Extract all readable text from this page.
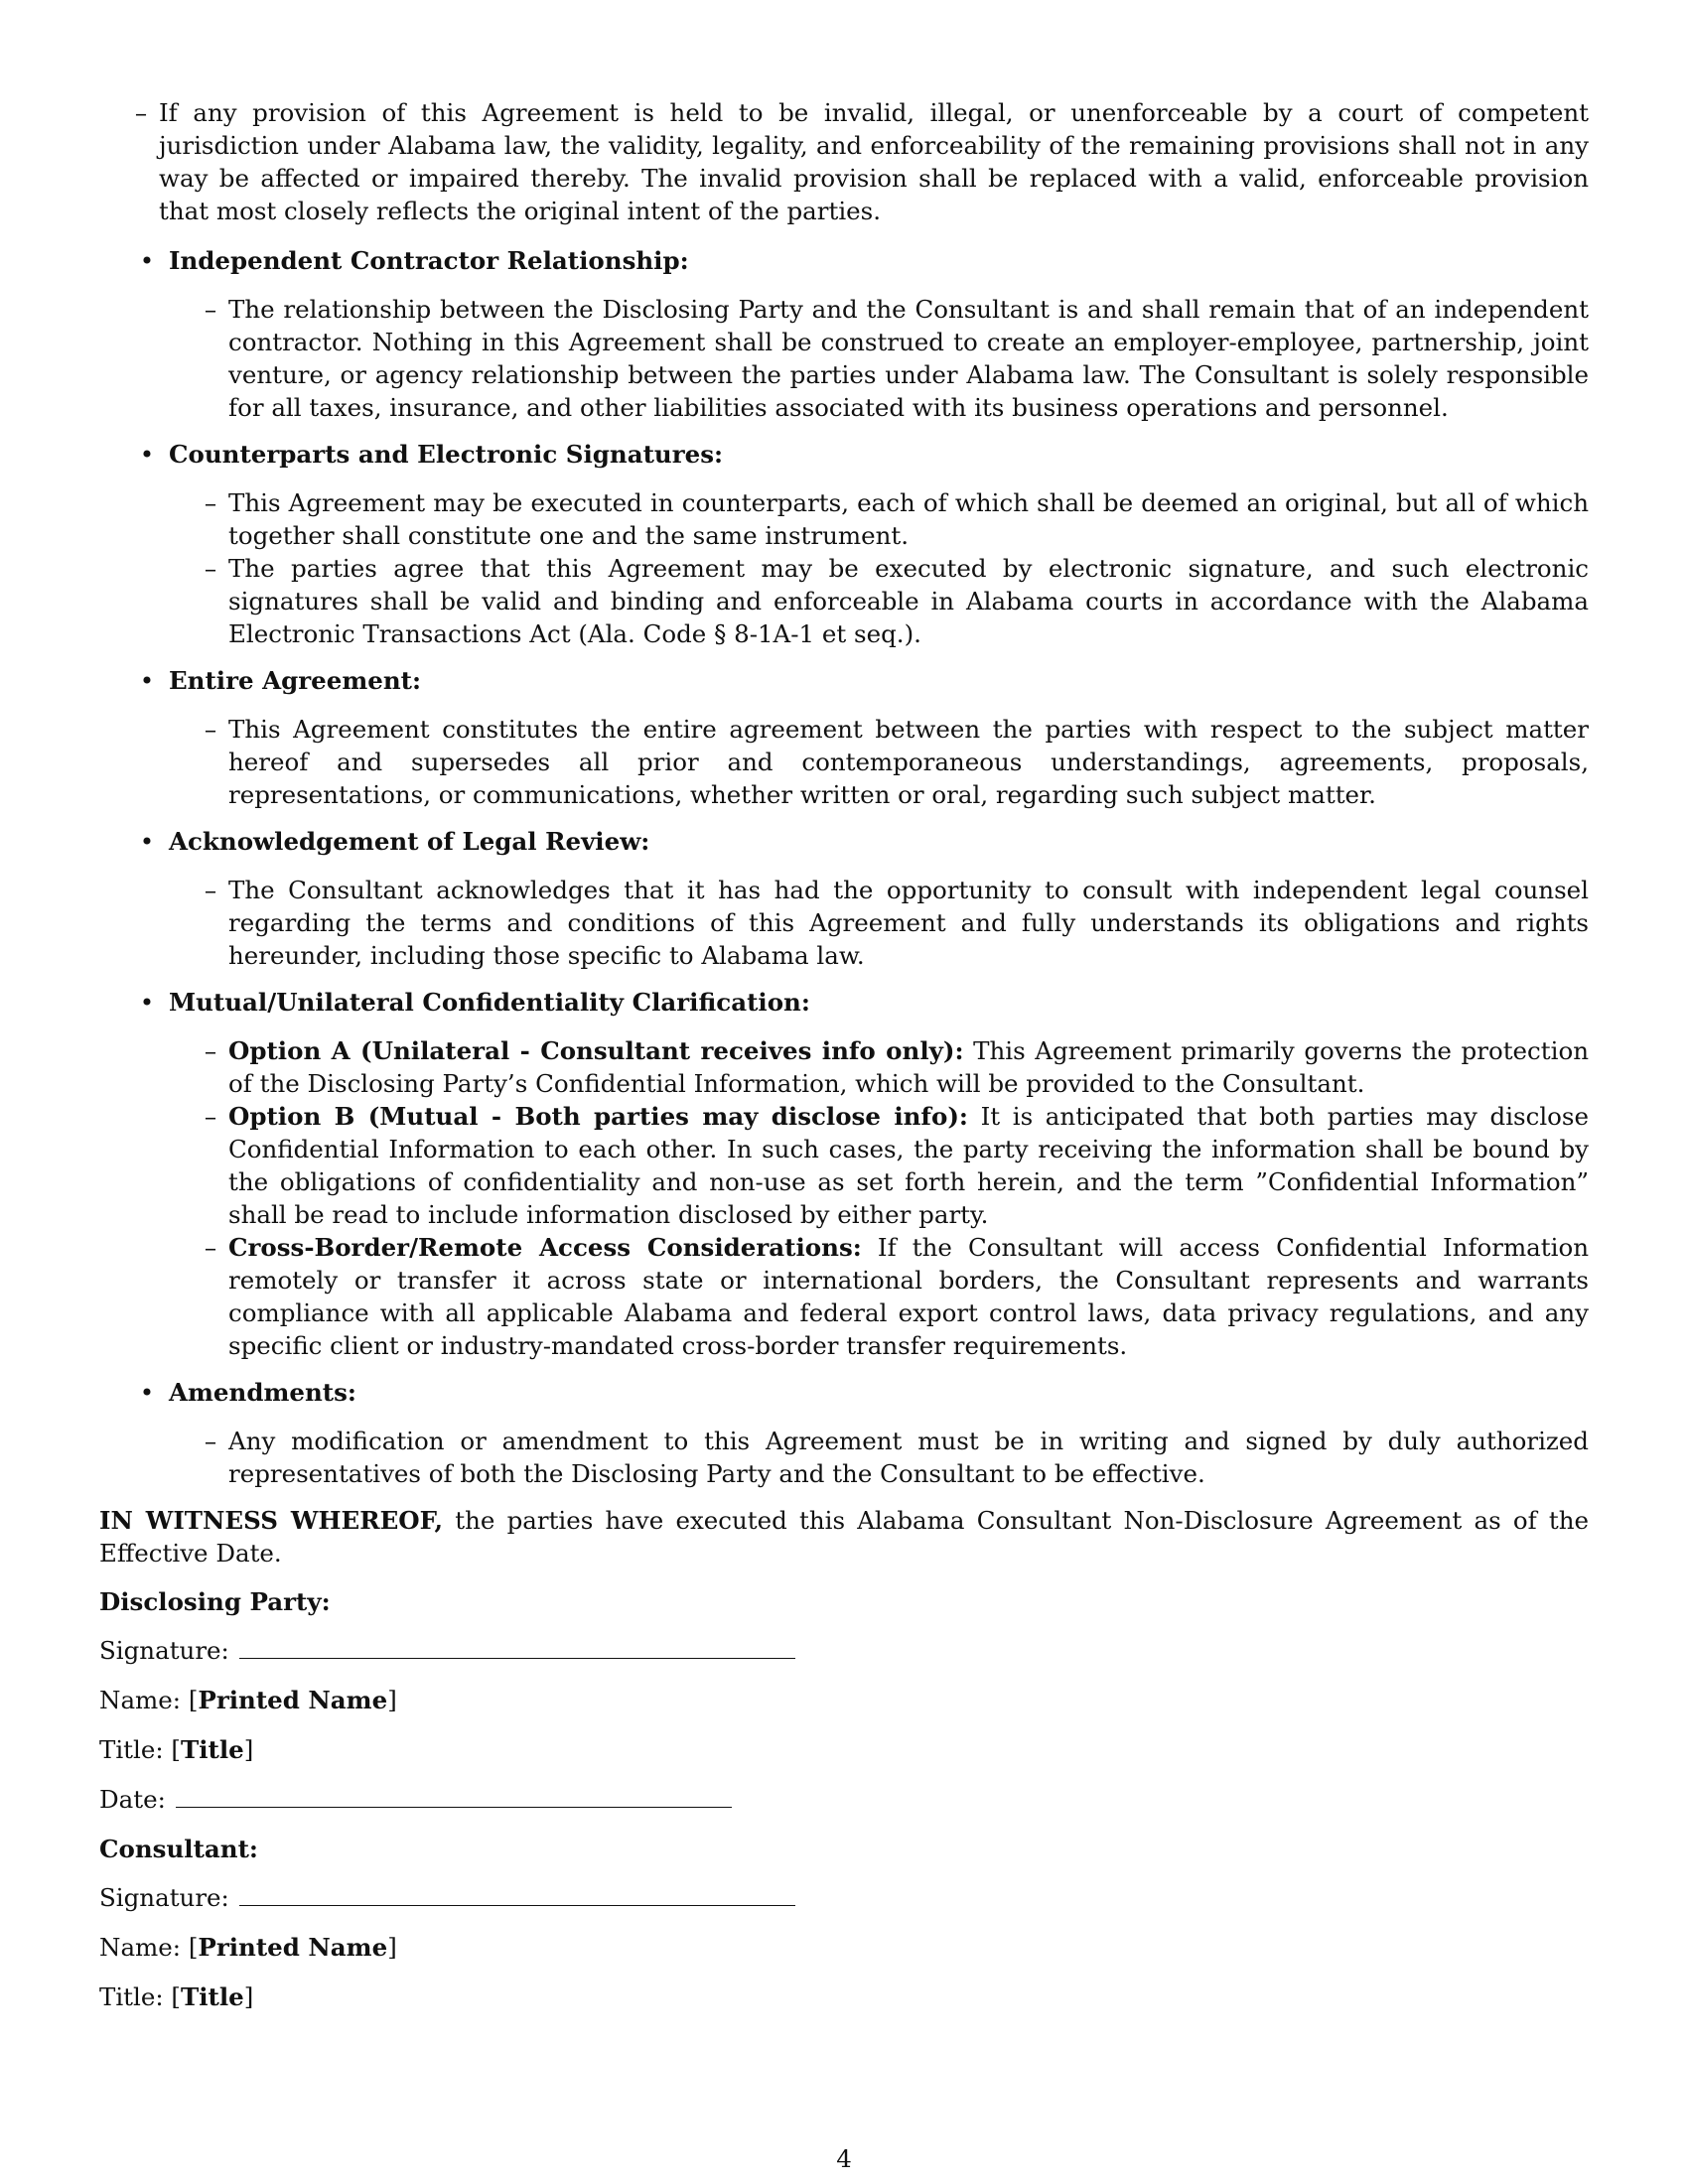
– If any provision of this Agreement is held to be invalid, illegal, or unenforceable by a court of competent jurisdiction under Alabama law, the validity, legality, and enforceability of the remaining provisions shall not in any way be affected or impaired thereby. The invalid provision shall be replaced with a valid, enforceable provision that most closely reflects the original intent of the parties.
• Independent Contractor Relationship:
– The relationship between the Disclosing Party and the Consultant is and shall remain that of an independent contractor. Nothing in this Agreement shall be construed to create an employer-employee, partnership, joint venture, or agency relationship between the parties under Alabama law. The Consultant is solely responsible for all taxes, insurance, and other liabilities associated with its business operations and personnel.
• Counterparts and Electronic Signatures:
– This Agreement may be executed in counterparts, each of which shall be deemed an original, but all of which together shall constitute one and the same instrument.
– The parties agree that this Agreement may be executed by electronic signature, and such electronic signatures shall be valid and binding and enforceable in Alabama courts in accordance with the Alabama Electronic Transactions Act (Ala. Code § 8-1A-1 et seq.).
• Entire Agreement:
– This Agreement constitutes the entire agreement between the parties with respect to the subject matter hereof and supersedes all prior and contemporaneous understandings, agreements, proposals, representations, or communications, whether written or oral, regarding such subject matter.
• Acknowledgement of Legal Review:
– The Consultant acknowledges that it has had the opportunity to consult with independent legal counsel regarding the terms and conditions of this Agreement and fully understands its obligations and rights hereunder, including those specific to Alabama law.
• Mutual/Unilateral Confidentiality Clarification:
– Option A (Unilateral - Consultant receives info only): This Agreement primarily governs the protection of the Disclosing Party’s Confidential Information, which will be provided to the Consultant.
– Option B (Mutual - Both parties may disclose info): It is anticipated that both parties may disclose Confidential Information to each other. In such cases, the party receiving the information shall be bound by the obligations of confidentiality and non-use as set forth herein, and the term ”Confidential Information” shall be read to include information disclosed by either party.
– Cross-Border/Remote Access Considerations: If the Consultant will access Confidential Information remotely or transfer it across state or international borders, the Consultant represents and warrants compliance with all applicable Alabama and federal export control laws, data privacy regulations, and any specific client or industry-mandated cross-border transfer requirements.
• Amendments:
– Any modification or amendment to this Agreement must be in writing and signed by duly authorized representatives of both the Disclosing Party and the Consultant to be effective.
IN WITNESS WHEREOF, the parties have executed this Alabama Consultant Non-Disclosure Agreement as of the Effective Date.
Disclosing Party:
Signature:
Name: [Printed Name]
Title: [Title]
Date:
Consultant:
Signature:
Name: [Printed Name]
Title: [Title]
4
